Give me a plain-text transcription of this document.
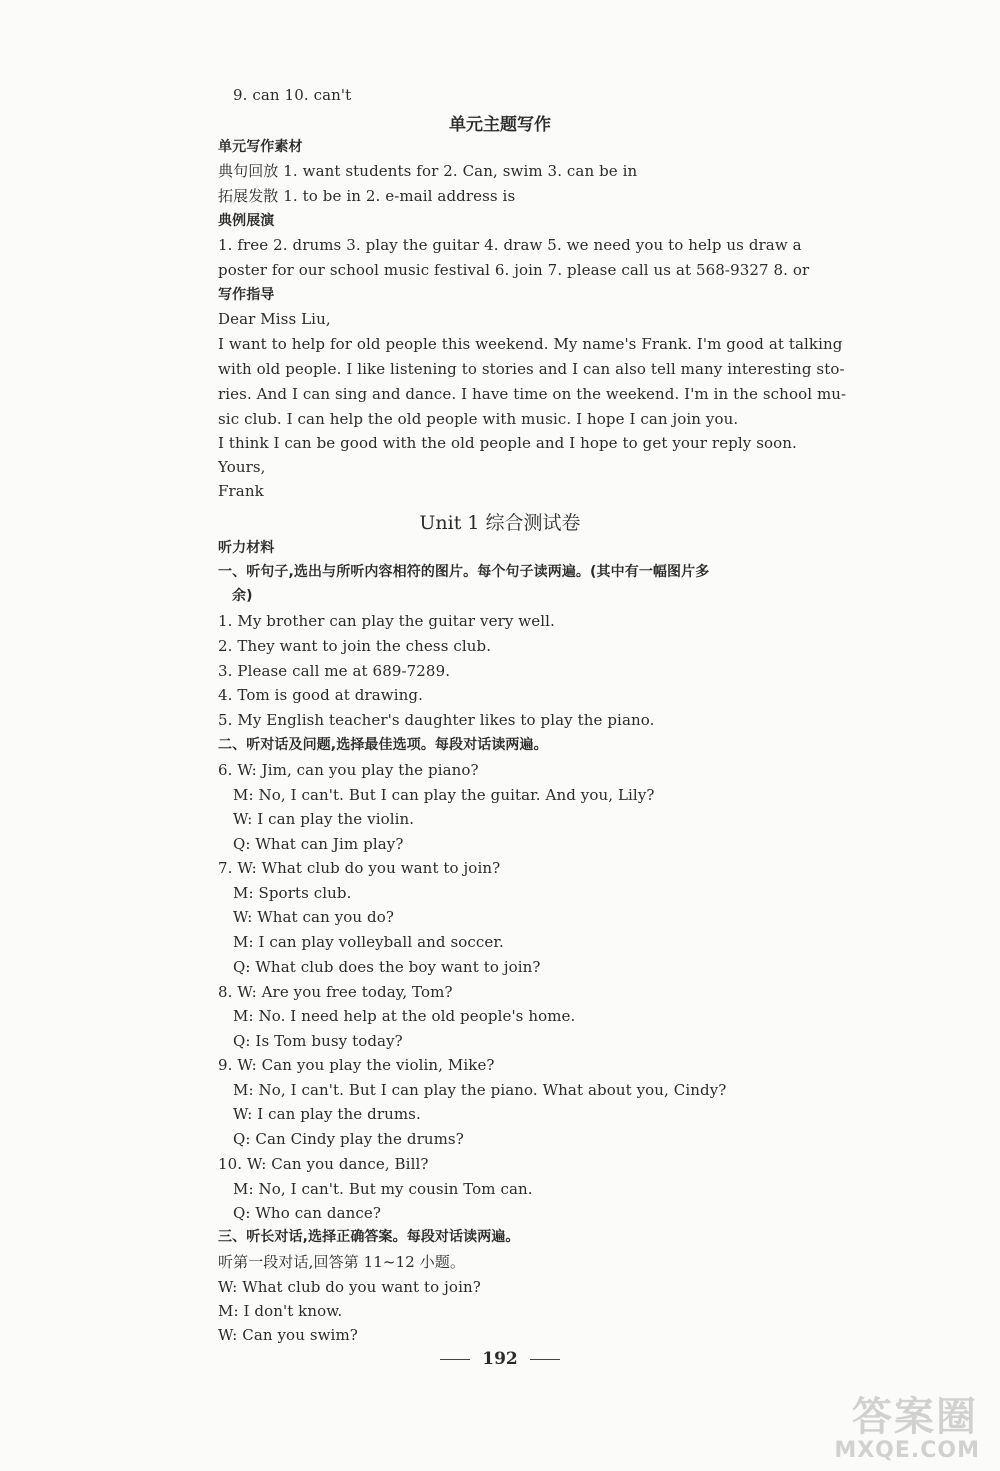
9. can 10. can't
单元主题写作
单元写作素材
典句回放 1. want students for 2. Can, swim 3. can be in
拓展发散 1. to be in 2. e-mail address is
典例展演
1. free 2. drums 3. play the guitar 4. draw 5. we need you to help us draw a
poster for our school music festival 6. join 7. please call us at 568-9327 8. or
写作指导
Dear Miss Liu,
I want to help for old people this weekend. My name's Frank. I'm good at talking
with old people. I like listening to stories and I can also tell many interesting sto-
ries. And I can sing and dance. I have time on the weekend. I'm in the school mu-
sic club. I can help the old people with music. I hope I can join you.
I think I can be good with the old people and I hope to get your reply soon.
Yours,
Frank
Unit 1 综合测试卷
听力材料
一、听句子,选出与所听内容相符的图片。每个句子读两遍。(其中有一幅图片多
余)
1. My brother can play the guitar very well.
2. They want to join the chess club.
3. Please call me at 689-7289.
4. Tom is good at drawing.
5. My English teacher's daughter likes to play the piano.
二、听对话及问题,选择最佳选项。每段对话读两遍。
6. W: Jim, can you play the piano?
M: No, I can't. But I can play the guitar. And you, Lily?
W: I can play the violin.
Q: What can Jim play?
7. W: What club do you want to join?
M: Sports club.
W: What can you do?
M: I can play volleyball and soccer.
Q: What club does the boy want to join?
8. W: Are you free today, Tom?
M: No. I need help at the old people's home.
Q: Is Tom busy today?
9. W: Can you play the violin, Mike?
M: No, I can't. But I can play the piano. What about you, Cindy?
W: I can play the drums.
Q: Can Cindy play the drums?
10. W: Can you dance, Bill?
M: No, I can't. But my cousin Tom can.
Q: Who can dance?
三、听长对话,选择正确答案。每段对话读两遍。
听第一段对话,回答第 11~12 小题。
W: What club do you want to join?
M: I don't know.
W: Can you swim?
192
答案圈
MXQE.COM
